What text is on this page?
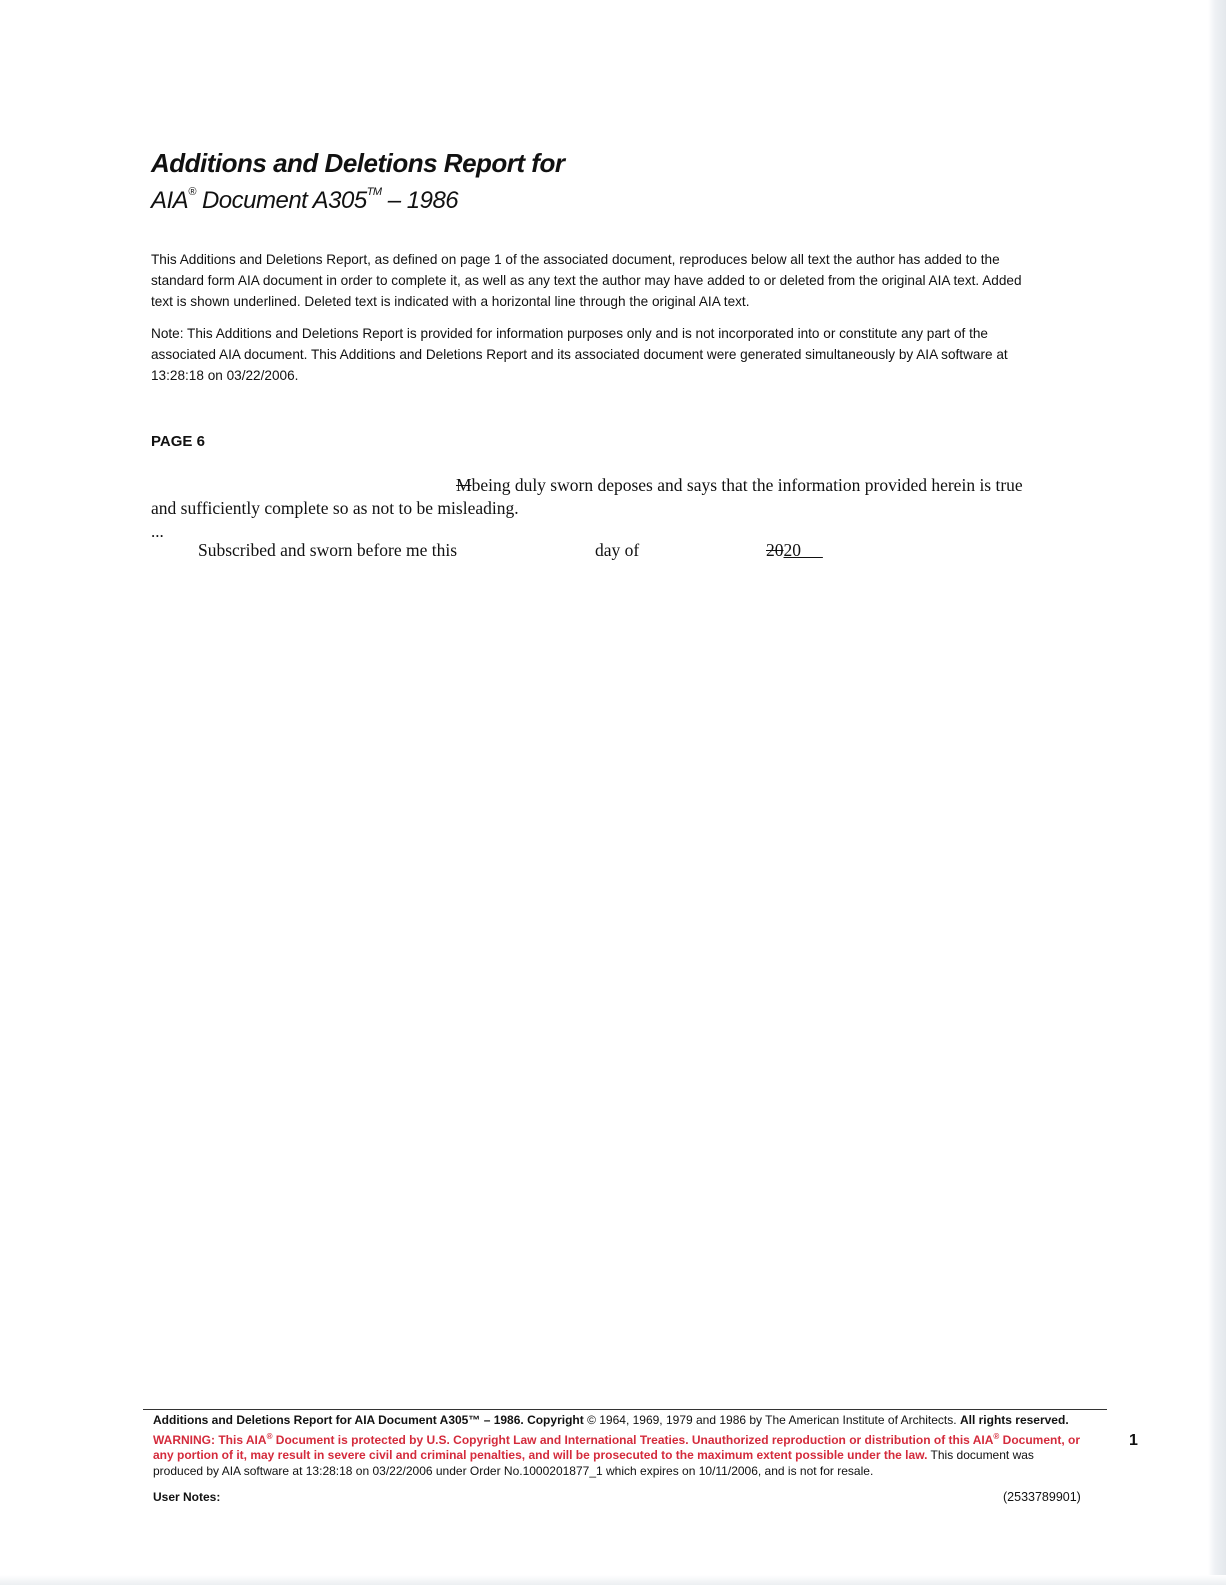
Additions and Deletions Report for
AIA® Document A305™ – 1986

This Additions and Deletions Report, as defined on page 1 of the associated document, reproduces below all text the author has added to the standard form AIA document in order to complete it, as well as any text the author may have added to or deleted from the original AIA text. Added text is shown underlined. Deleted text is indicated with a horizontal line through the original AIA text.

Note: This Additions and Deletions Report is provided for information purposes only and is not incorporated into or constitute any part of the associated AIA document. This Additions and Deletions Report and its associated document were generated simultaneously by AIA software at 13:28:18 on 03/22/2006.

PAGE 6

Mbeing duly sworn deposes and says that the information provided herein is true and sufficiently complete so as not to be misleading.

...

Subscribed and sworn before me this	day of	2020

Additions and Deletions Report for AIA Document A305™ – 1986. Copyright © 1964, 1969, 1979 and 1986 by The American Institute of Architects. All rights reserved. WARNING: This AIA® Document is protected by U.S. Copyright Law and International Treaties. Unauthorized reproduction or distribution of this AIA® Document, or any portion of it, may result in severe civil and criminal penalties, and will be prosecuted to the maximum extent possible under the law. This document was produced by AIA software at 13:28:18 on 03/22/2006 under Order No.1000201877_1 which expires on 10/11/2006, and is not for resale.

User Notes:	(2533789901)

1
